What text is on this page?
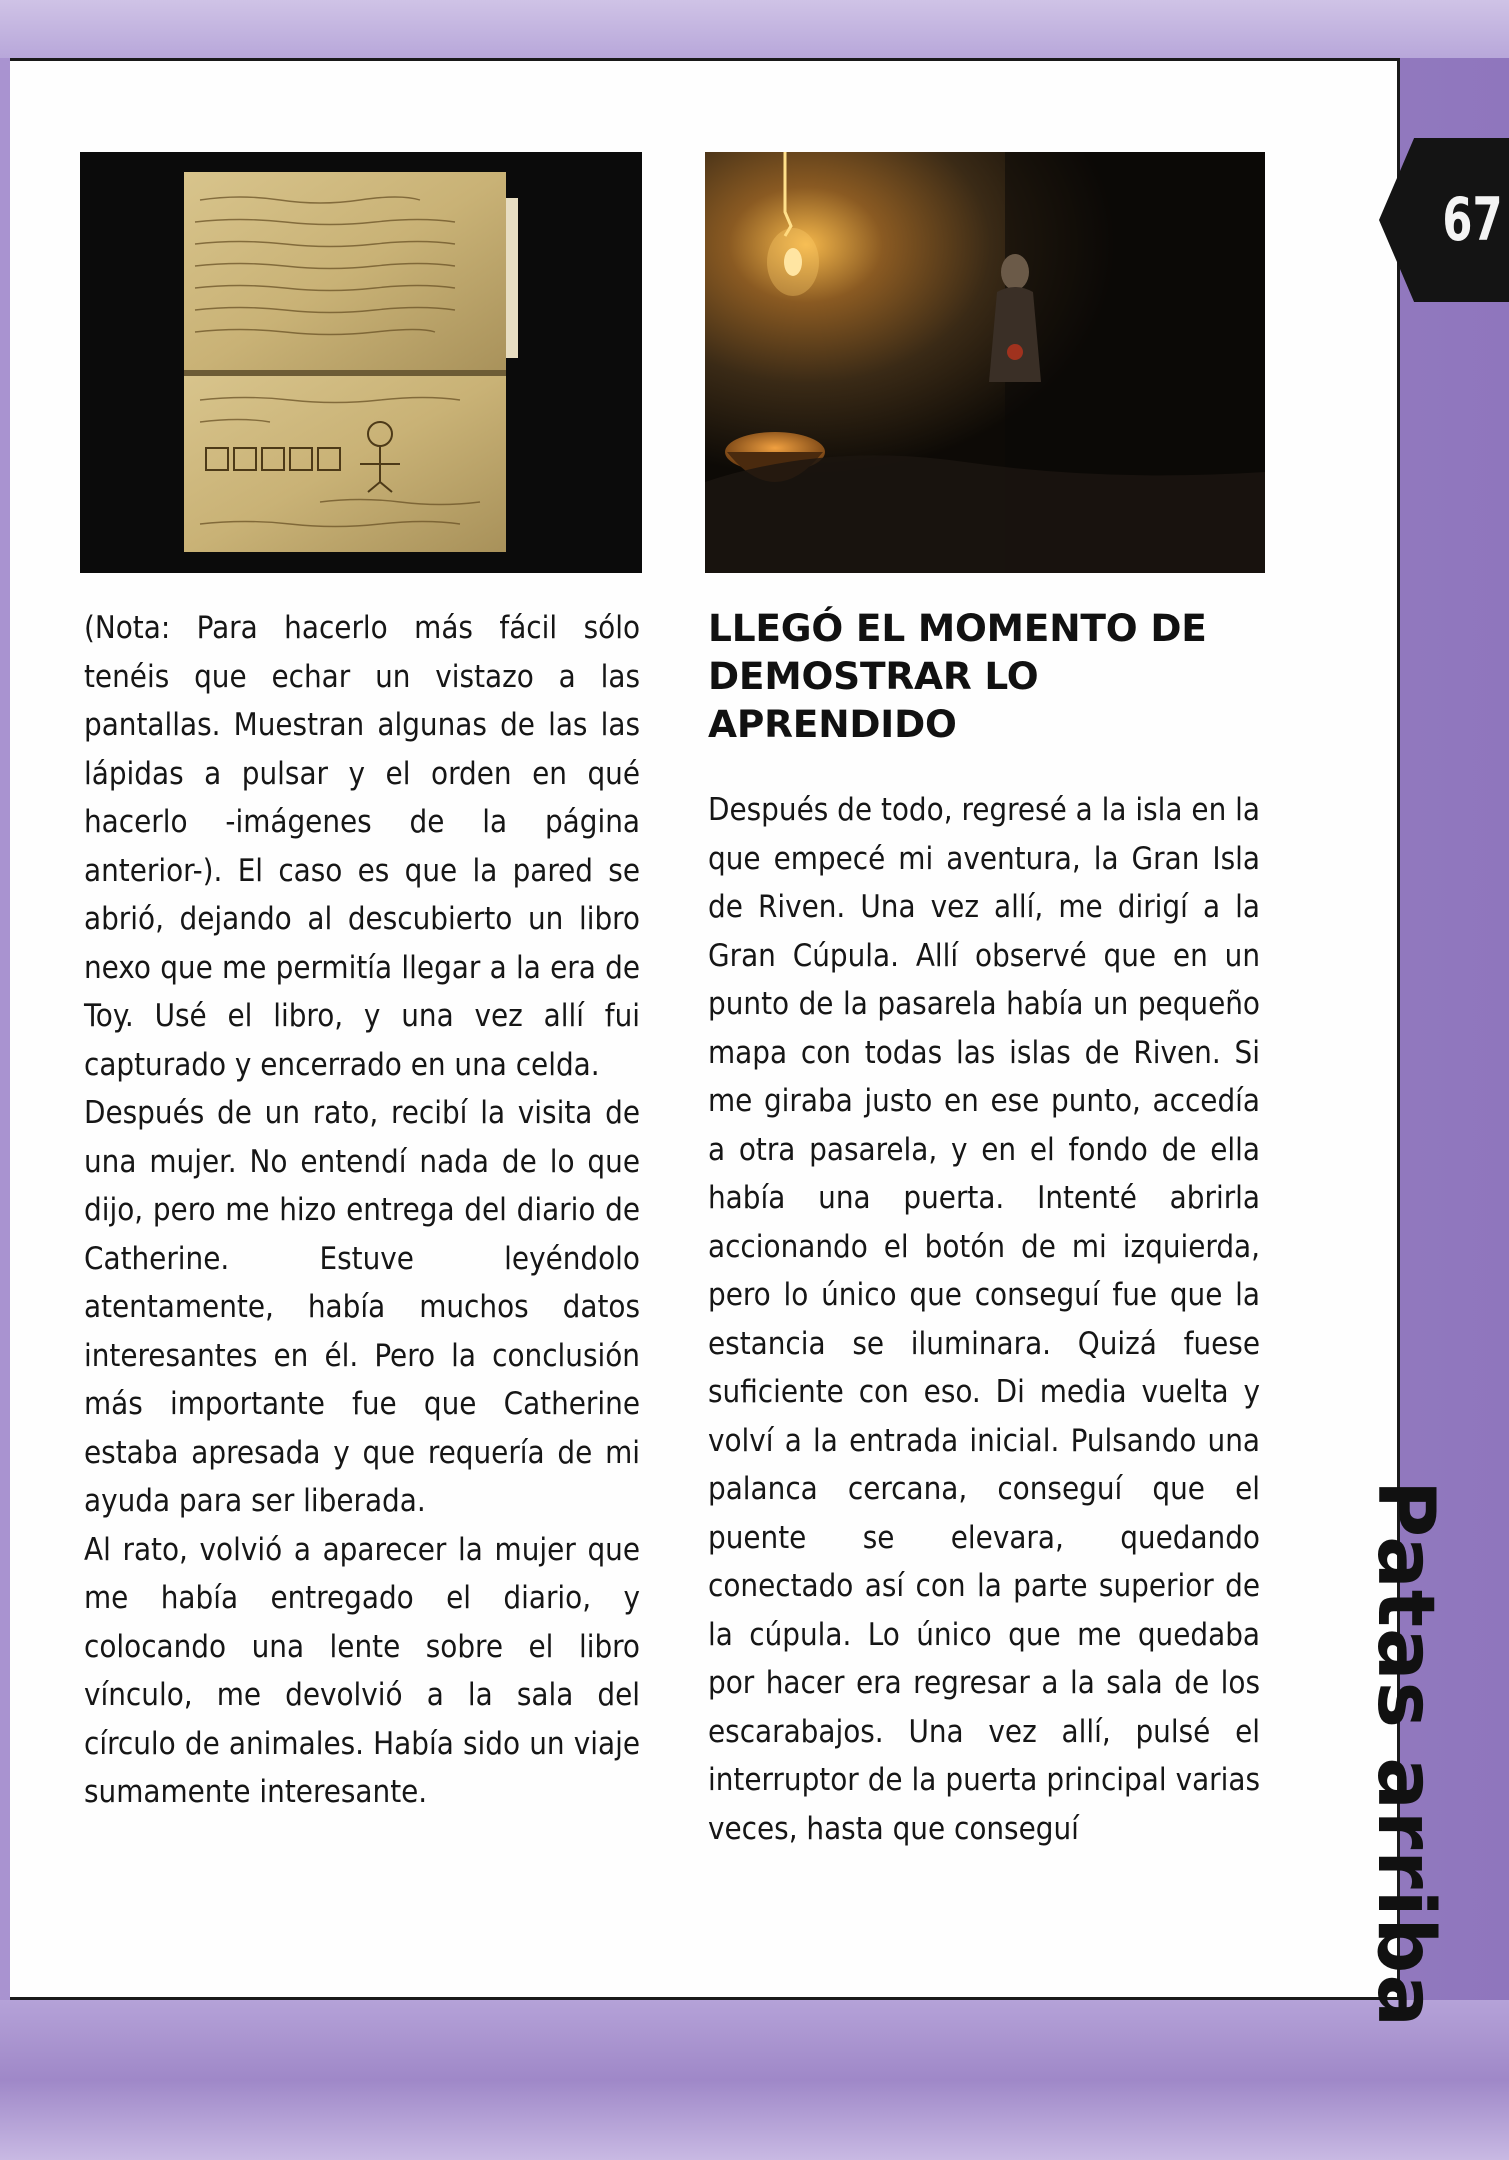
67
Patas arriba

(Nota: Para hacerlo más fácil sólo tenéis que echar un vistazo a las pantallas. Muestran algunas de las las lápidas a pulsar y el orden en qué hacerlo -imágenes de la página anterior-). El caso es que la pared se abrió, dejando al descubierto un libro nexo que me permitía llegar a la era de Toy. Usé el libro, y una vez allí fui capturado y encerrado en una celda.

Después de un rato, recibí la visita de una mujer. No entendí nada de lo que dijo, pero me hizo entrega del diario de Catherine. Estuve leyéndolo atentamente, había muchos datos interesantes en él. Pero la conclusión más importante fue que Catherine estaba apresada y que requería de mi ayuda para ser liberada.

Al rato, volvió a aparecer la mujer que me había entregado el diario, y colocando una lente sobre el libro vínculo, me devolvió a la sala del círculo de animales. Había sido un viaje sumamente interesante.

LLEGÓ EL MOMENTO DE DEMOSTRAR LO APRENDIDO

Después de todo, regresé a la isla en la que empecé mi aventura, la Gran Isla de Riven. Una vez allí, me dirigí a la Gran Cúpula. Allí observé que en un punto de la pasarela había un pequeño mapa con todas las islas de Riven. Si me giraba justo en ese punto, accedía a otra pasarela, y en el fondo de ella había una puerta. Intenté abrirla accionando el botón de mi izquierda, pero lo único que conseguí fue que la estancia se iluminara. Quizá fuese suficiente con eso. Di media vuelta y volví a la entrada inicial. Pulsando una palanca cercana, conseguí que el puente se elevara, quedando conectado así con la parte superior de la cúpula. Lo único que me quedaba por hacer era regresar a la sala de los escarabajos. Una vez allí, pulsé el interruptor de la puerta principal varias veces, hasta que conseguí
